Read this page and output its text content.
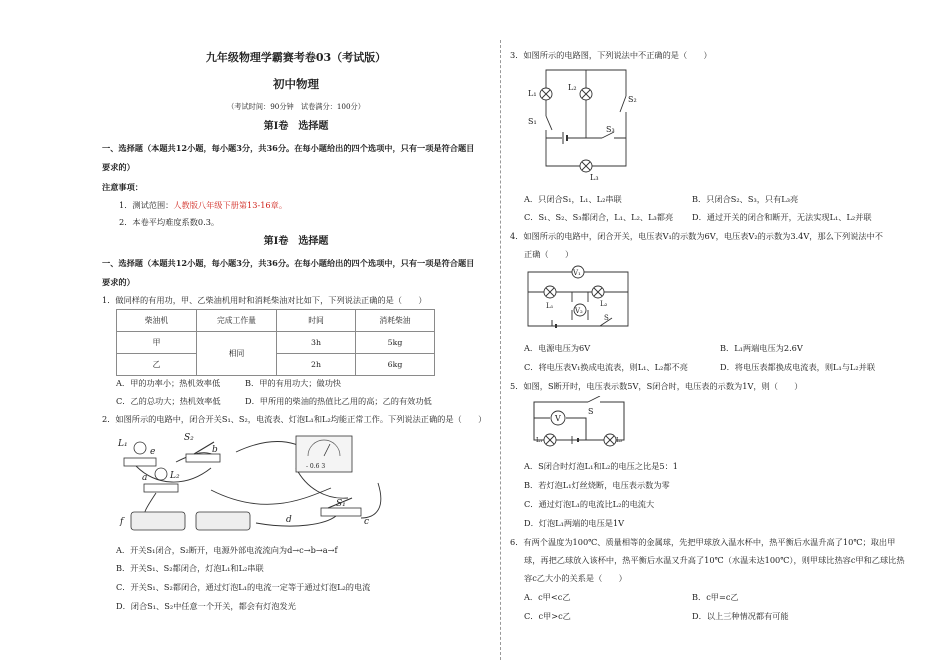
九年级物理学霸赛考卷03（考试版）
初中物理
（考试时间：90分钟　试卷满分：100分）
第Ⅰ卷　选择题
一、选择题（本题共12小题，每小题3分，共36分。在每小题给出的四个选项中，只有一项是符合题目
要求的）
注意事项：
1．测试范围：人教版八年级下册第13-16章。
2．本卷平均难度系数0.3。
第Ⅰ卷　选择题
一、选择题（本题共12小题，每小题3分，共36分。在每小题给出的四个选项中，只有一项是符合题目
要求的）
1．做同样的有用功，甲、乙柴油机用时和消耗柴油对比如下，下列说法正确的是（　　）
柴油机	完成工作量	时间	消耗柴油
甲	相同	3h	5kg
乙		2h	6kg
A．甲的功率小；热机效率低	B．甲的有用功大；做功快
C．乙的总功大；热机效率低	D．甲所用的柴油的热值比乙用的高；乙的有效功低
2．如图所示的电路中，闭合开关S₁、S₂，电流表、灯泡L₁和L₂均能正常工作。下列说法正确的是（　　）
L₁
e
S₂
b
a	L₂
- 0.6 3
S₁
c
f	d
A．开关S₁闭合，S₂断开，电源外部电流流向为d→c→b→a→f
B．开关S₁、S₂都闭合，灯泡L₁和L₂串联
C．开关S₁、S₂都闭合，通过灯泡L₁的电流一定等于通过灯泡L₂的电流
D．闭合S₁、S₂中任意一个开关，都会有灯泡发光
3．如图所示的电路图，下列说法中不正确的是（　　）
L₁
L₂
S₂
S₁
S₃
L₃
A．只闭合S₁，L₁、L₂串联	B．只闭合S₂、S₃，只有L₃亮
C．S₁、S₂、S₃都闭合，L₁、L₂、L₃都亮 D．通过开关的闭合和断开，无法实现L₁、L₂并联
4．如图所示的电路中，闭合开关，电压表V₁的示数为6V，电压表V₂的示数为3.4V，那么下列说法中不
正确（　　）
V₁
L₁
V₂
L₂
S
A．电源电压为6V	B．L₁两端电压为2.6V
C．将电压表V₁换成电流表，则L₁、L₂都不亮	D．将电压表都换成电流表，则L₁与L₂并联
5．如图，S断开时，电压表示数5V，S闭合时，电压表的示数为1V，则（　　）
V
S
L₁	L₂
A．S闭合时灯泡L₁和L₂的电压之比是5：1
B．若灯泡L₁灯丝烧断，电压表示数为零
C．通过灯泡L₁的电流比L₂的电流大
D．灯泡L₁两端的电压是1V
6．有两个温度为100℃、质量相等的金属球，先把甲球放入温水杯中，热平衡后水温升高了10℃；取出甲
球，再把乙球放入该杯中，热平衡后水温又升高了10℃（水温未达100℃），则甲球比热容c甲和乙球比热
容c乙大小的关系是（　　）
A．c甲<c乙	B．c甲=c乙
C．c甲>c乙	D．以上三种情况都有可能
